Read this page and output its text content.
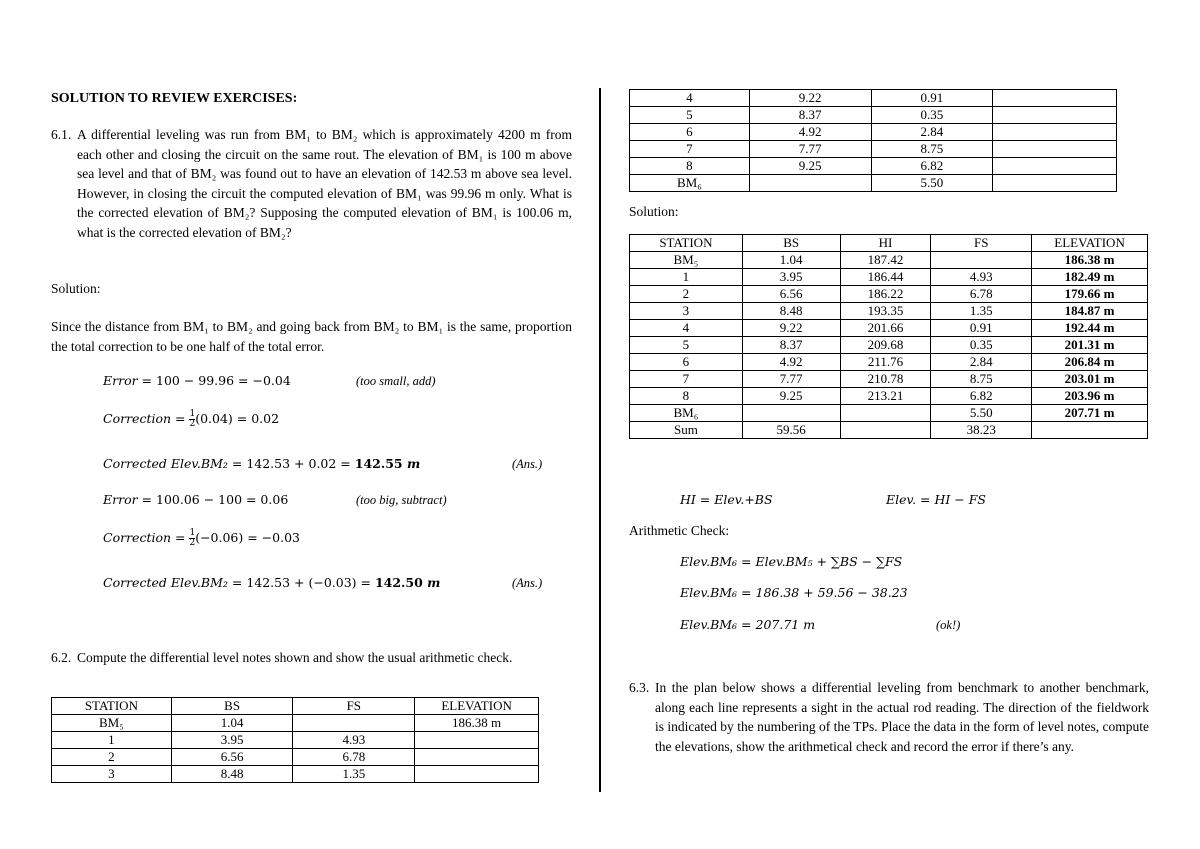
SOLUTION TO REVIEW EXERCISES:
6.1. A differential leveling was run from BM₁ to BM₂ which is approximately 4200 m from each other and closing the circuit on the same rout. The elevation of BM₁ is 100 m above sea level and that of BM₂ was found out to have an elevation of 142.53 m above sea level. However, in closing the circuit the computed elevation of BM₁ was 99.96 m only. What is the corrected elevation of BM₂? Supposing the computed elevation of BM₁ is 100.06 m, what is the corrected elevation of BM₂?
Solution:
Since the distance from BM₁ to BM₂ and going back from BM₂ to BM₁ is the same, proportion the total correction to be one half of the total error.
Error = 100 − 99.96 = −0.04	(too small, add)
Correction = $\frac{1}{2} (0.04) = 0.02$
Corrected Elev.BM₂ = 142.53 + 0.02 = 142.55 m	(Ans.)
Error = 100.06 − 100 = 0.06	(too big, subtract)
Correction = $\frac{1}{2} (-0.06) = -0.03$
Corrected Elev.BM₂ = 142.53 + (−0.03) = 142.50 m	(Ans.)
6.2. Compute the differential level notes shown and show the usual arithmetic check.
STATION	BS	FS	ELEVATION
BM₅	1.04		186.38 m
1	3.95	4.93	
2	6.56	6.78	
3	8.48	1.35	
4	9.22	0.91	
5	8.37	0.35	
6	4.92	2.84	
7	7.77	8.75	
8	9.25	6.82	
BM₆		5.50	
Solution:
STATION	BS	HI	FS	ELEVATION
BM₅	1.04	187.42		186.38 m
1	3.95	186.44	4.93	182.49 m
2	6.56	186.22	6.78	179.66 m
3	8.48	193.35	1.35	184.87 m
4	9.22	201.66	0.91	192.44 m
5	8.37	209.68	0.35	201.31 m
6	4.92	211.76	2.84	206.84 m
7	7.77	210.78	8.75	203.01 m
8	9.25	213.21	6.82	203.96 m
BM₆			5.50	207.71 m
Sum	59.56		38.23	
HI = Elev.+BS	Elev. = HI − FS
Arithmetic Check:
Elev.BM₆ = Elev.BM₅ + ∑BS − ∑FS
Elev.BM₆ = 186.38 + 59.56 − 38.23
Elev.BM₆ = 207.71 m	(ok!)
6.3. In the plan below shows a differential leveling from benchmark to another benchmark, along each line represents a sight in the actual rod reading. The direction of the fieldwork is indicated by the numbering of the TPs. Place the data in the form of level notes, compute the elevations, show the arithmetical check and record the error if there’s any.
